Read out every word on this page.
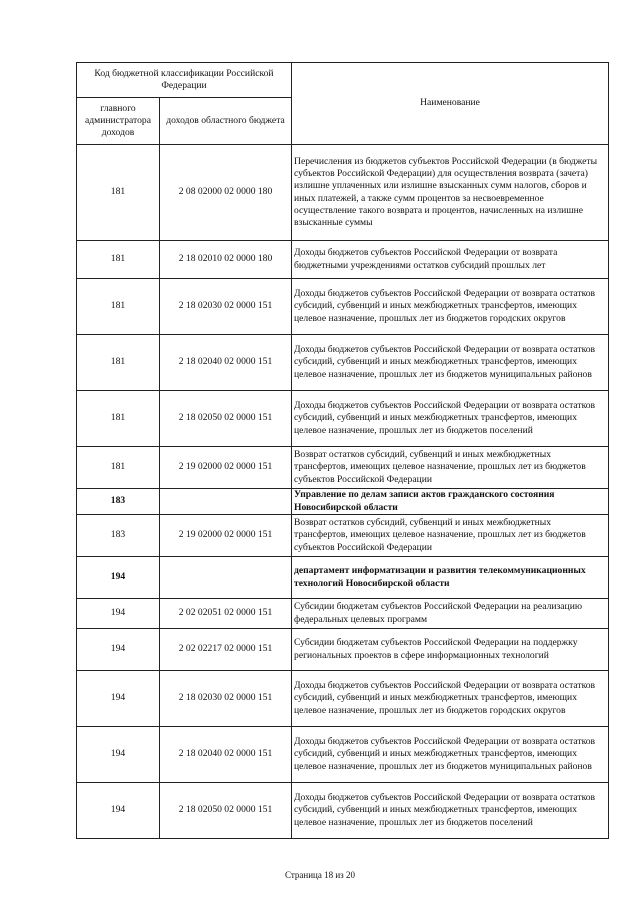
Код бюджетной классификации Российской Федерации		Наименование
главного администратора доходов	доходов областного бюджета	
181	2 08 02000 02 0000 180	Перечисления из бюджетов субъектов Российской Федерации (в бюджеты субъектов Российской Федерации) для осуществления возврата (зачета) излишне уплаченных или излишне взысканных сумм налогов, сборов и иных платежей, а также сумм процентов за несвоевременное осуществление такого возврата и процентов, начисленных на излишне взысканные суммы
181	2 18 02010 02 0000 180	Доходы бюджетов субъектов Российской Федерации от возврата бюджетными учреждениями остатков субсидий прошлых лет
181	2 18 02030 02 0000 151	Доходы бюджетов субъектов Российской Федерации от возврата остатков субсидий, субвенций и иных межбюджетных трансфертов, имеющих целевое назначение, прошлых лет из бюджетов городских округов
181	2 18 02040 02 0000 151	Доходы бюджетов субъектов Российской Федерации от возврата остатков субсидий, субвенций и иных межбюджетных трансфертов, имеющих целевое назначение, прошлых лет из бюджетов муниципальных районов
181	2 18 02050 02 0000 151	Доходы бюджетов субъектов Российской Федерации от возврата остатков субсидий, субвенций и иных межбюджетных трансфертов, имеющих целевое назначение, прошлых лет из бюджетов поселений
181	2 19 02000 02 0000 151	Возврат остатков субсидий, субвенций и иных межбюджетных трансфертов, имеющих целевое назначение, прошлых лет из бюджетов субъектов Российской Федерации
183		Управление по делам записи актов гражданского состояния Новосибирской области
183	2 19 02000 02 0000 151	Возврат остатков субсидий, субвенций и иных межбюджетных трансфертов, имеющих целевое назначение, прошлых лет из бюджетов субъектов Российской Федерации
194		департамент информатизации и развития телекоммуникационных технологий Новосибирской области
194	2 02 02051 02 0000 151	Субсидии бюджетам субъектов Российской Федерации на реализацию федеральных целевых программ
194	2 02 02217 02 0000 151	Субсидии бюджетам субъектов Российской Федерации на поддержку региональных проектов в сфере информационных технологий
194	2 18 02030 02 0000 151	Доходы бюджетов субъектов Российской Федерации от возврата остатков субсидий, субвенций и иных межбюджетных трансфертов, имеющих целевое назначение, прошлых лет из бюджетов городских округов
194	2 18 02040 02 0000 151	Доходы бюджетов субъектов Российской Федерации от возврата остатков субсидий, субвенций и иных межбюджетных трансфертов, имеющих целевое назначение, прошлых лет из бюджетов муниципальных районов
194	2 18 02050 02 0000 151	Доходы бюджетов субъектов Российской Федерации от возврата остатков субсидий, субвенций и иных межбюджетных трансфертов, имеющих целевое назначение, прошлых лет из бюджетов поселений
Страница 18 из 20
